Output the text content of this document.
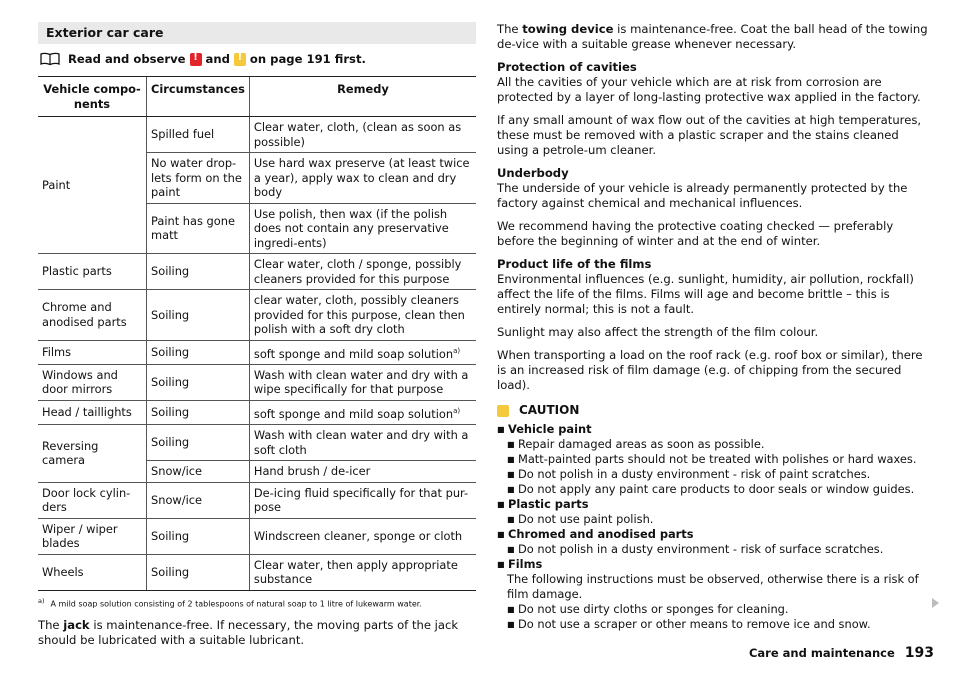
Exterior car care
Read and observe ! and ! on page 191 first.
Vehicle compo-nents	Circumstances	Remedy
Paint	Spilled fuel	Clear water, cloth, (clean as soon as possible)
	No water drop-lets form on the paint	Use hard wax preserve (at least twice a year), apply wax to clean and dry body
	Paint has gone matt	Use polish, then wax (if the polish does not contain any preservative ingredi-ents)
Plastic parts	Soiling	Clear water, cloth / sponge, possibly cleaners provided for this purpose
Chrome and anodised parts	Soiling	clear water, cloth, possibly cleaners provided for this purpose, clean then polish with a soft dry cloth
Films	Soiling	soft sponge and mild soap solution$^{a)}$
Windows and door mirrors	Soiling	Wash with clean water and dry with a wipe specifically for that purpose
Head / taillights	Soiling	soft sponge and mild soap solution$^{a)}$
Reversing camera	Soiling	Wash with clean water and dry with a soft cloth
	Snow/ice	Hand brush / de-icer
Door lock cylin-ders	Snow/ice	De-icing fluid specifically for that pur-pose
Wiper / wiper blades	Soiling	Windscreen cleaner, sponge or cloth
Wheels	Soiling	Clear water, then apply appropriate substance
$^{a)}$ A mild soap solution consisting of 2 tablespoons of natural soap to 1 litre of lukewarm water.
The jack is maintenance-free. If necessary, the moving parts of the jack should be lubricated with a suitable lubricant.

The towing device is maintenance-free. Coat the ball head of the towing de-vice with a suitable grease whenever necessary.

Protection of cavities

All the cavities of your vehicle which are at risk from corrosion are protected by a layer of long-lasting protective wax applied in the factory.

If any small amount of wax flow out of the cavities at high temperatures, these must be removed with a plastic scraper and the stains cleaned using a petrole-um cleaner.

Underbody

The underside of your vehicle is already permanently protected by the factory against chemical and mechanical influences.

We recommend having the protective coating checked — preferably before the beginning of winter and at the end of winter.

Product life of the films

Environmental influences (e.g. sunlight, humidity, air pollution, rockfall) affect the life of the films. Films will age and become brittle – this is entirely normal; this is not a fault.

Sunlight may also affect the strength of the film colour.

When transporting a load on the roof rack (e.g. roof box or similar), there is an increased risk of film damage (e.g. of chipping from the secured load).

CAUTION
■ Vehicle paint
■ Repair damaged areas as soon as possible.
■ Matt-painted parts should not be treated with polishes or hard waxes.
■ Do not polish in a dusty environment - risk of paint scratches.
■ Do not apply any paint care products to door seals or window guides.
■ Plastic parts
■ Do not use paint polish.
■ Chromed and anodised parts
■ Do not polish in a dusty environment - risk of surface scratches.
■ Films
The following instructions must be observed, otherwise there is a risk of film damage.
■ Do not use dirty cloths or sponges for cleaning.
■ Do not use a scraper or other means to remove ice and snow.
Care and maintenance 193
